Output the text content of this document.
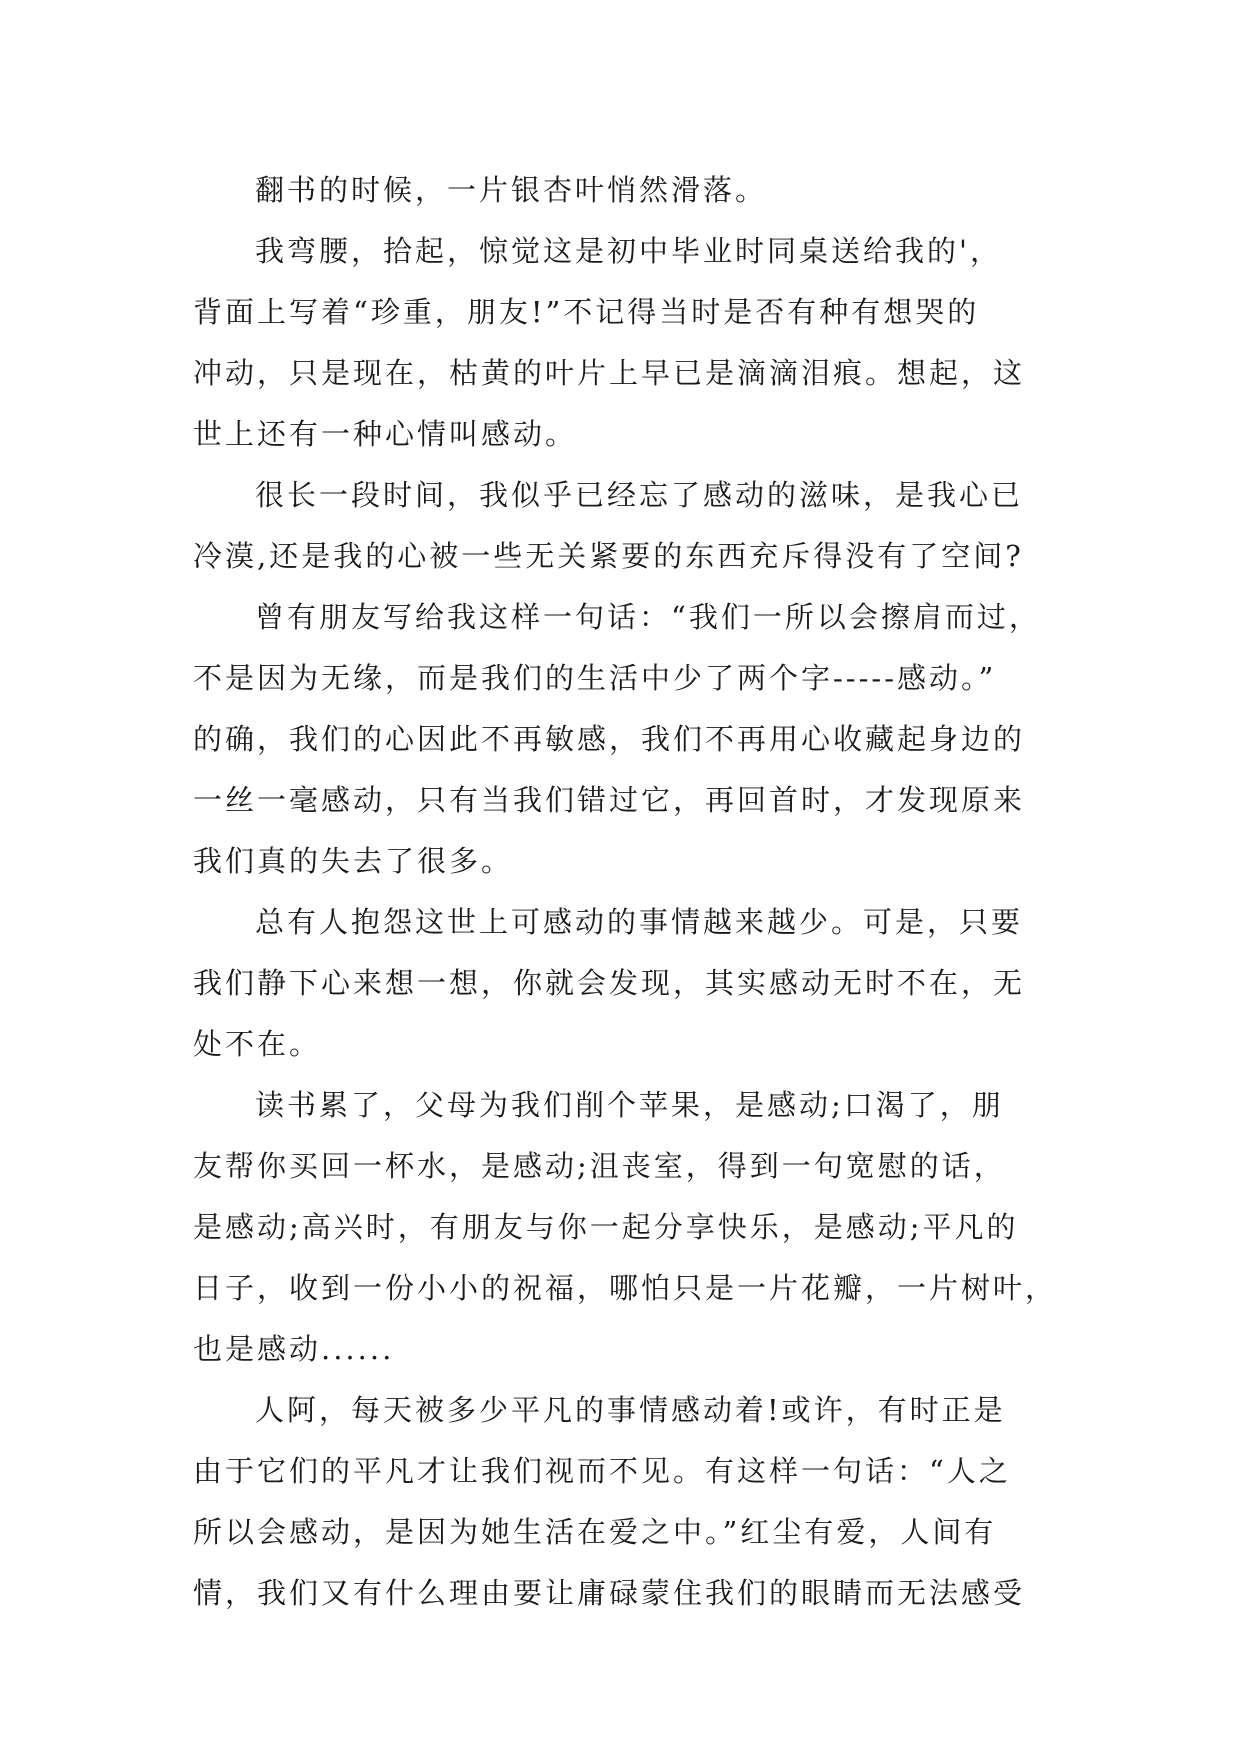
翻书的时候，一片银杏叶悄然滑落。
我弯腰，拾起，惊觉这是初中毕业时同桌送给我的'，
背面上写着“珍重，朋友!”不记得当时是否有种有想哭的
冲动，只是现在，枯黄的叶片上早已是滴滴泪痕。想起，这
世上还有一种心情叫感动。
很长一段时间，我似乎已经忘了感动的滋味，是我心已
冷漠,还是我的心被一些无关紧要的东西充斥得没有了空间?
曾有朋友写给我这样一句话：“我们一所以会擦肩而过，
不是因为无缘，而是我们的生活中少了两个字-----感动。”
的确，我们的心因此不再敏感，我们不再用心收藏起身边的
一丝一毫感动，只有当我们错过它，再回首时，才发现原来
我们真的失去了很多。
总有人抱怨这世上可感动的事情越来越少。可是，只要
我们静下心来想一想，你就会发现，其实感动无时不在，无
处不在。
读书累了，父母为我们削个苹果，是感动;口渴了，朋
友帮你买回一杯水，是感动;沮丧室，得到一句宽慰的话，
是感动;高兴时，有朋友与你一起分享快乐，是感动;平凡的
日子，收到一份小小的祝福，哪怕只是一片花瓣，一片树叶，
也是感动......
人阿，每天被多少平凡的事情感动着!或许，有时正是
由于它们的平凡才让我们视而不见。有这样一句话：“人之
所以会感动，是因为她生活在爱之中。”红尘有爱，人间有
情，我们又有什么理由要让庸碌蒙住我们的眼睛而无法感受
